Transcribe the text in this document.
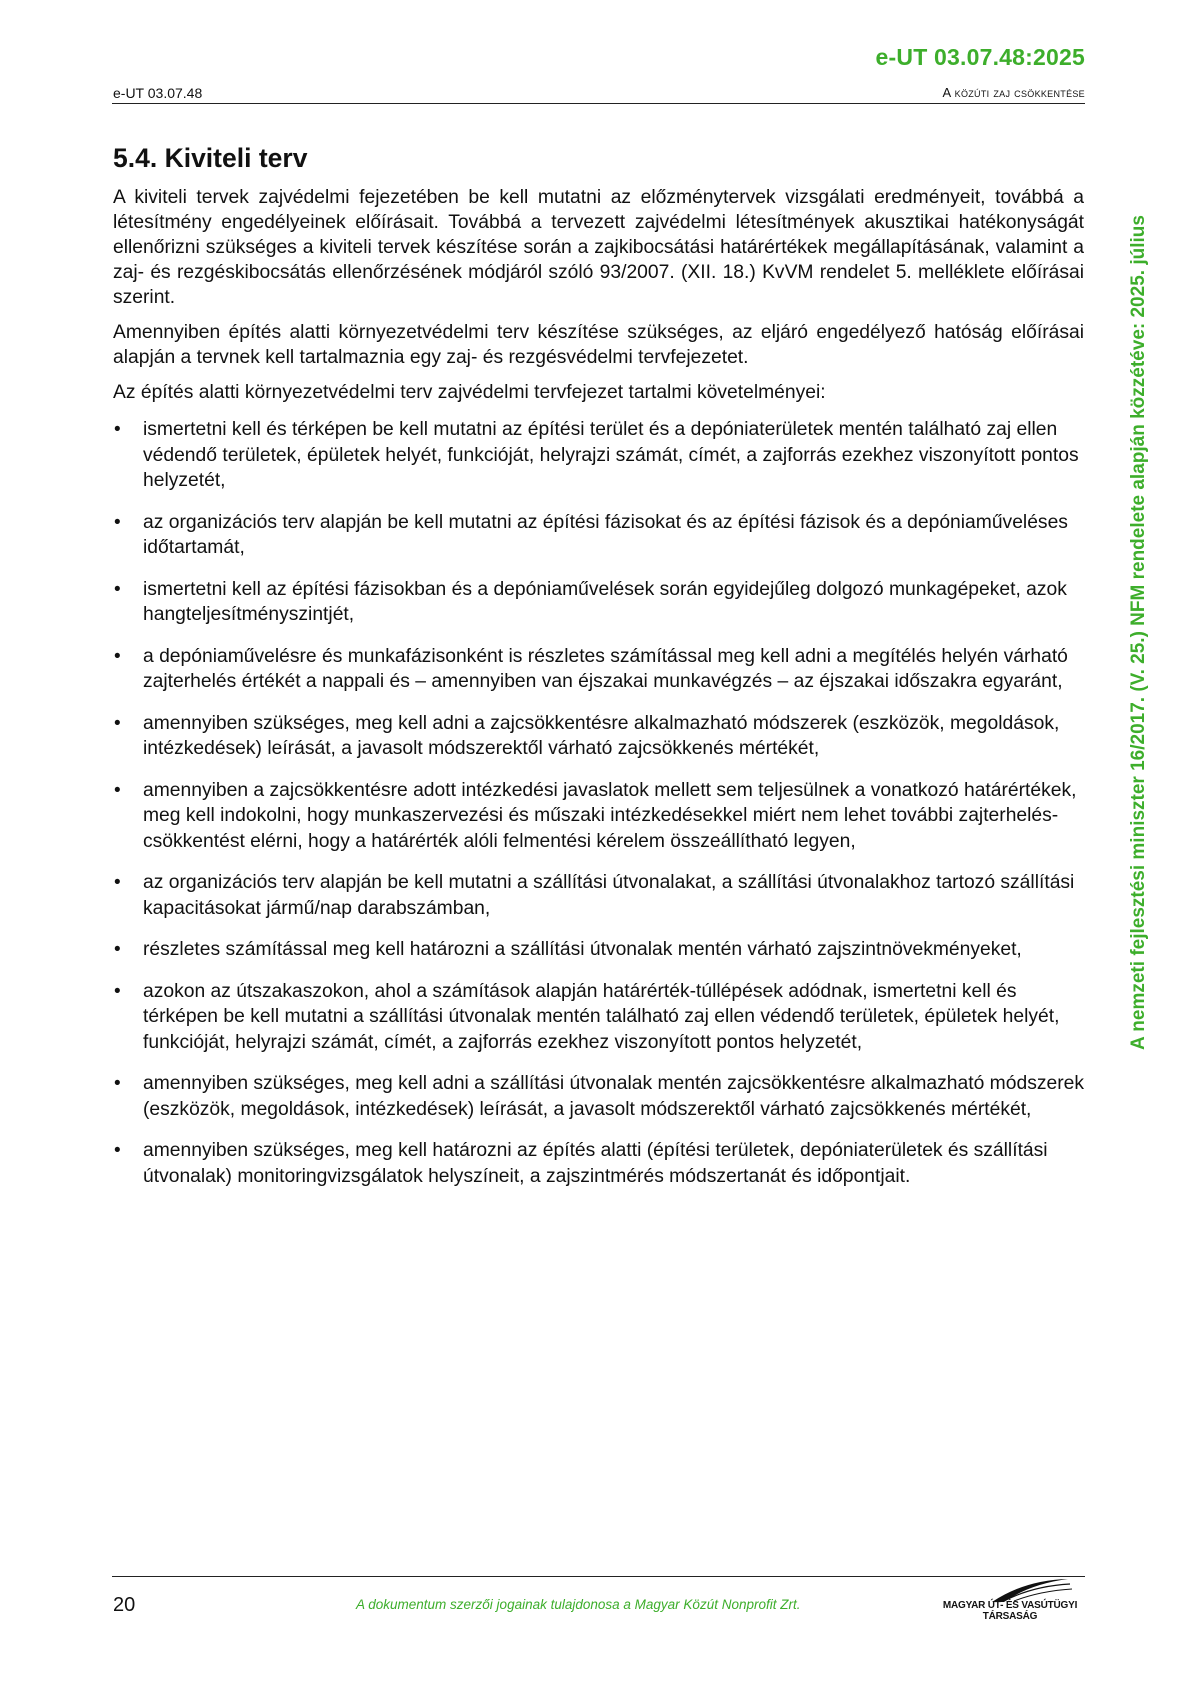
e-UT 03.07.48:2025
e-UT 03.07.48	A közúti zaj csökkentése
5.4. Kiviteli terv

A kiviteli tervek zajvédelmi fejezetében be kell mutatni az előzménytervek vizsgálati eredményeit, továbbá a létesítmény engedélyeinek előírásait. Továbbá a tervezett zajvédelmi létesítmények akusztikai hatékonyságát ellenőrizni szükséges a kiviteli tervek készítése során a zajkibocsátási határértékek megállapításának, valamint a zaj- és rezgéskibocsátás ellenőrzésének módjáról szóló 93/2007. (XII. 18.) KvVM rendelet 5. melléklete előírásai szerint.

Amennyiben építés alatti környezetvédelmi terv készítése szükséges, az eljáró engedélyező hatóság előírásai alapján a tervnek kell tartalmaznia egy zaj- és rezgésvédelmi tervfejezetet.

Az építés alatti környezetvédelmi terv zajvédelmi tervfejezet tartalmi követelményei:

• ismertetni kell és térképen be kell mutatni az építési terület és a depóniaterületek mentén található zaj ellen védendő területek, épületek helyét, funkcióját, helyrajzi számát, címét, a zajforrás ezekhez viszonyított pontos helyzetét,
• az organizációs terv alapján be kell mutatni az építési fázisokat és az építési fázisok és a depóniaműveléses időtartamát,
• ismertetni kell az építési fázisokban és a depóniaművelések során egyidejűleg dolgozó munkagépeket, azok hangteljesítményszintjét,
• a depóniaművelésre és munkafázisonként is részletes számítással meg kell adni a megítélés helyén várható zajterhelés értékét a nappali és – amennyiben van éjszakai munkavégzés – az éjszakai időszakra egyaránt,
• amennyiben szükséges, meg kell adni a zajcsökkentésre alkalmazható módszerek (eszközök, megoldások, intézkedések) leírását, a javasolt módszerektől várható zajcsökkenés mértékét,
• amennyiben a zajcsökkentésre adott intézkedési javaslatok mellett sem teljesülnek a vonatkozó határértékek, meg kell indokolni, hogy munkaszervezési és műszaki intézkedésekkel miért nem lehet további zajterhelés-csökkentést elérni, hogy a határérték alóli felmentési kérelem összeállítható legyen,
• az organizációs terv alapján be kell mutatni a szállítási útvonalakat, a szállítási útvonalakhoz tartozó szállítási kapacitásokat jármű/nap darabszámban,
• részletes számítással meg kell határozni a szállítási útvonalak mentén várható zajszintnövekményeket,
• azokon az útszakaszokon, ahol a számítások alapján határérték-túllépések adódnak, ismertetni kell és térképen be kell mutatni a szállítási útvonalak mentén található zaj ellen védendő területek, épületek helyét, funkcióját, helyrajzi számát, címét, a zajforrás ezekhez viszonyított pontos helyzetét,
• amennyiben szükséges, meg kell adni a szállítási útvonalak mentén zajcsökkentésre alkalmazható módszerek (eszközök, megoldások, intézkedések) leírását, a javasolt módszerektől várható zajcsökkenés mértékét,
• amennyiben szükséges, meg kell határozni az építés alatti (építési területek, depóniaterületek és szállítási útvonalak) monitoringvizsgálatok helyszíneit, a zajszintmérés módszertanát és időpontjait.
A nemzeti fejlesztési miniszter 16/2017. (V. 25.) NFM rendelete alapján közzétéve: 2025. július
20	A dokumentum szerzői jogainak tulajdonosa a Magyar Közút Nonprofit Zrt.	MAGYAR ÚT- ÉS VASÚTÜGYI TÁRSASÁG
